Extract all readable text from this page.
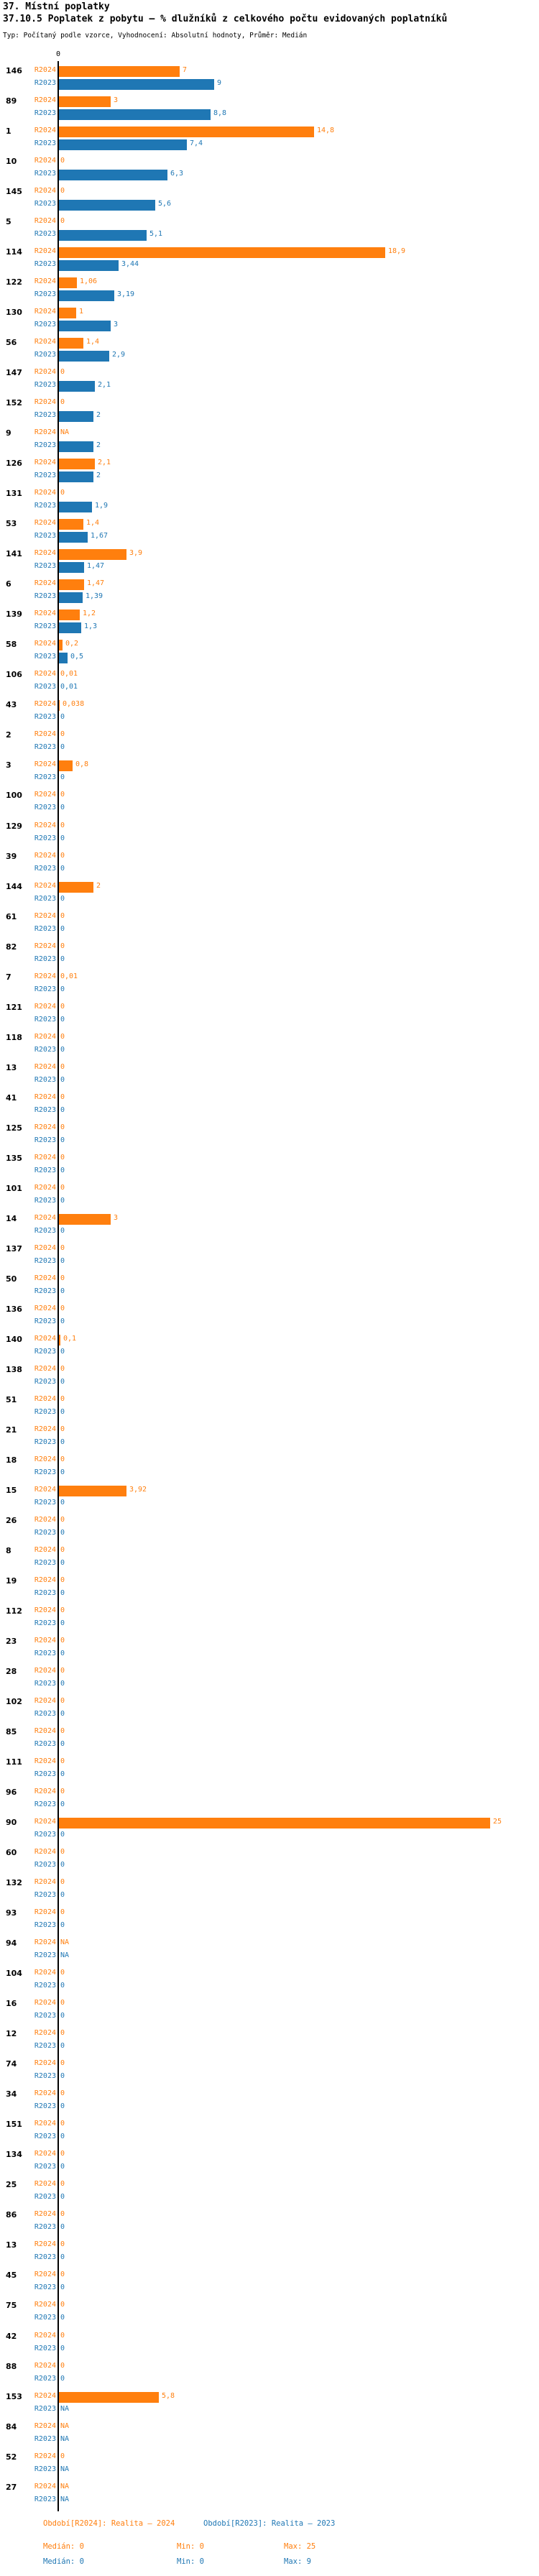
37. Místní poplatky
37.10.5 Poplatek z pobytu – % dlužníků z celkového počtu evidovaných poplatníků
Typ: Počítaný podle vzorce, Vyhodnocení: Absolutní hodnoty, Průměr: Medián
0
146	R2024	7
R2023	9
89	R2024	3
R2023	8,8
1	R2024	14,8
R2023	7,4
10	R2024 0
R2023	6,3
145	R2024 0
R2023	5,6
5	R2024 0
R2023	5,1
114	R2024	18,9
R2023	3,44
122	R2024	1,06
R2023	3,19
130	R2024	1
R2023	3
56	R2024	1,4
R2023	2,9
147	R2024 0
R2023	2,1
152	R2024 0
R2023	2
9	R2024 NA
R2023	2
126	R2024	2,1
R2023	2
131	R2024 0
R2023	1,9
53	R2024	1,4
R2023	1,67
141	R2024	3,9
R2023	1,47
6	R2024	1,47
R2023	1,39
139	R2024	1,2
R2023	1,3
58	R2024 0,2
R2023 0,5
106	R2024 0,01
R2023 0,01
43	R2024 0,038
R2023 0
2	R2024 0
R2023 0
3	R2024	0,8
R2023 0
100	R2024 0
R2023 0
129	R2024 0
R2023 0
39	R2024 0
R2023 0
144	R2024	2
R2023 0
61	R2024 0
R2023 0
82	R2024 0
R2023 0
7	R2024 0,01
R2023 0
121	R2024 0
R2023 0
118	R2024 0
R2023 0
13	R2024 0
R2023 0
41	R2024 0
R2023 0
125	R2024 0
R2023 0
135	R2024 0
R2023 0
101	R2024 0
R2023 0
14	R2024	3
R2023 0
137	R2024 0
R2023 0
50	R2024 0
R2023 0
136	R2024 0
R2023 0
140	R2024 0,1
R2023 0
138	R2024 0
R2023 0
51	R2024 0
R2023 0
21	R2024 0
R2023 0
18	R2024 0
R2023 0
15	R2024	3,92
R2023 0
26	R2024 0
R2023 0
8	R2024 0
R2023 0
19	R2024 0
R2023 0
112	R2024 0
R2023 0
23	R2024 0
R2023 0
28	R2024 0
R2023 0
102	R2024 0
R2023 0
85	R2024 0
R2023 0
111	R2024 0
R2023 0
96	R2024 0
R2023 0
90	R2024	25
R2023 0
60	R2024 0
R2023 0
132	R2024 0
R2023 0
93	R2024 0
R2023 0
94	R2024 NA
R2023 NA
104	R2024 0
R2023 0
16	R2024 0
R2023 0
12	R2024 0
R2023 0
74	R2024 0
R2023 0
34	R2024 0
R2023 0
151	R2024 0
R2023 0
134	R2024 0
R2023 0
25	R2024 0
R2023 0
86	R2024 0
R2023 0
13	R2024 0
R2023 0
45	R2024 0
R2023 0
75	R2024 0
R2023 0
42	R2024 0
R2023 0
88	R2024 0
R2023 0
153	R2024	5,8
R2023 NA
84	R2024 NA
R2023 NA
52	R2024 0
R2023 NA
27	R2024 NA
R2023 NA
Období[R2024]: Realita – 2024	Období[R2023]: Realita – 2023
Medián: 0	Min: 0	Max: 25
Medián: 0	Min: 0	Max: 9
